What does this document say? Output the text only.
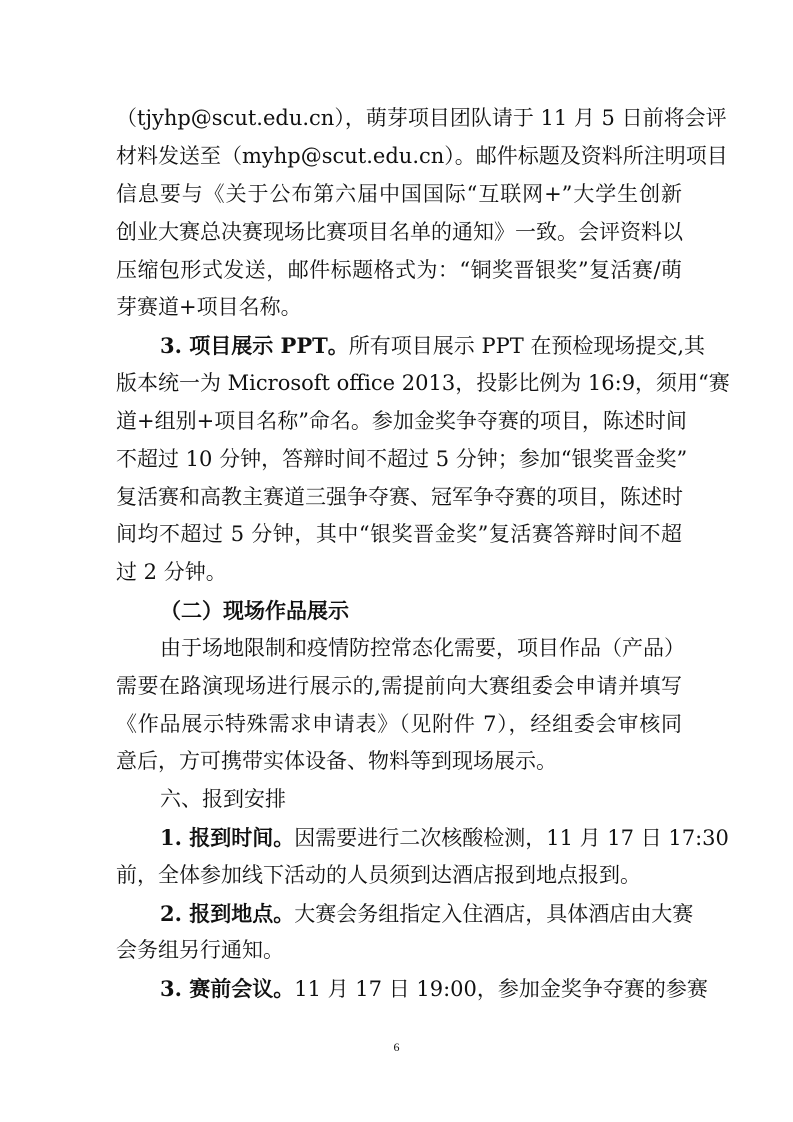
（tjyhp@scut.edu.cn），萌芽项目团队请于 11 月 5 日前将会评
材料发送至（myhp@scut.edu.cn）。邮件标题及资料所注明项目
信息要与《关于公布第六届中国国际“互联网+”大学生创新
创业大赛总决赛现场比赛项目名单的通知》一致。会评资料以
压缩包形式发送，邮件标题格式为：“铜奖晋银奖”复活赛/萌
芽赛道+项目名称。
3. 项目展示 PPT。所有项目展示 PPT 在预检现场提交,其
版本统一为 Microsoft office 2013，投影比例为 16:9，须用“赛
道+组别+项目名称”命名。参加金奖争夺赛的项目，陈述时间
不超过 10 分钟，答辩时间不超过 5 分钟；参加“银奖晋金奖”
复活赛和高教主赛道三强争夺赛、冠军争夺赛的项目，陈述时
间均不超过 5 分钟，其中“银奖晋金奖”复活赛答辩时间不超
过 2 分钟。
（二）现场作品展示
由于场地限制和疫情防控常态化需要，项目作品（产品）
需要在路演现场进行展示的,需提前向大赛组委会申请并填写
《作品展示特殊需求申请表》（见附件 7），经组委会审核同
意后，方可携带实体设备、物料等到现场展示。
六、报到安排
1. 报到时间。因需要进行二次核酸检测，11 月 17 日 17:30
前，全体参加线下活动的人员须到达酒店报到地点报到。
2. 报到地点。大赛会务组指定入住酒店，具体酒店由大赛
会务组另行通知。
3. 赛前会议。11 月 17 日 19:00，参加金奖争夺赛的参赛
6
